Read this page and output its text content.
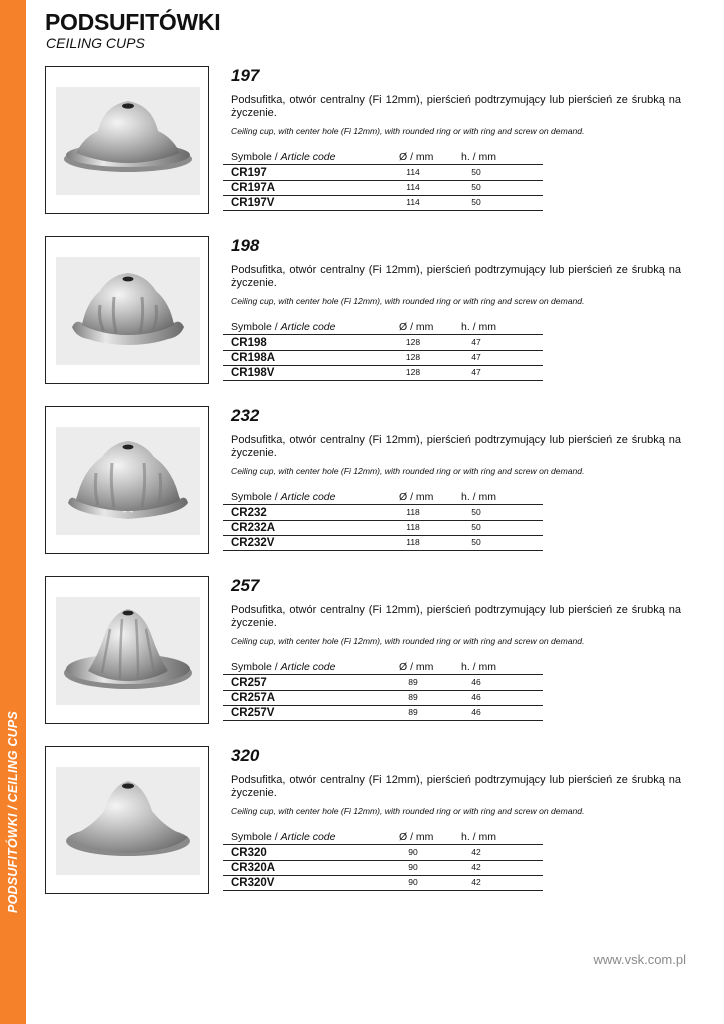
PODSUFITÓWKI / CEILING CUPS
PODSUFITÓWKI
CEILING CUPS
197
Podsufitka, otwór centralny (Fi 12mm), pierścień podtrzymujący lub pierścień ze śrubką na życzenie.
Ceiling cup, with center hole (Fi 12mm), with rounded ring or with ring and screw on demand.
Symbole / Article code	Ø / mm	h. / mm
CR197	114	50
CR197A	114	50
CR197V	114	50
198
Podsufitka, otwór centralny (Fi 12mm), pierścień podtrzymujący lub pierścień ze śrubką na życzenie.
Ceiling cup, with center hole (Fi 12mm), with rounded ring or with ring and screw on demand.
Symbole / Article code	Ø / mm	h. / mm
CR198	128	47
CR198A	128	47
CR198V	128	47
232
Podsufitka, otwór centralny (Fi 12mm), pierścień podtrzymujący lub pierścień ze śrubką na życzenie.
Ceiling cup, with center hole (Fi 12mm), with rounded ring or with ring and screw on demand.
Symbole / Article code	Ø / mm	h. / mm
CR232	118	50
CR232A	118	50
CR232V	118	50
257
Podsufitka, otwór centralny (Fi 12mm), pierścień podtrzymujący lub pierścień ze śrubką na życzenie.
Ceiling cup, with center hole (Fi 12mm), with rounded ring or with ring and screw on demand.
Symbole / Article code	Ø / mm	h. / mm
CR257	89	46
CR257A	89	46
CR257V	89	46
320
Podsufitka, otwór centralny (Fi 12mm), pierścień podtrzymujący lub pierścień ze śrubką na życzenie.
Ceiling cup, with center hole (Fi 12mm), with rounded ring or with ring and screw on demand.
Symbole / Article code	Ø / mm	h. / mm
CR320	90	42
CR320A	90	42
CR320V	90	42
www.vsk.com.pl
